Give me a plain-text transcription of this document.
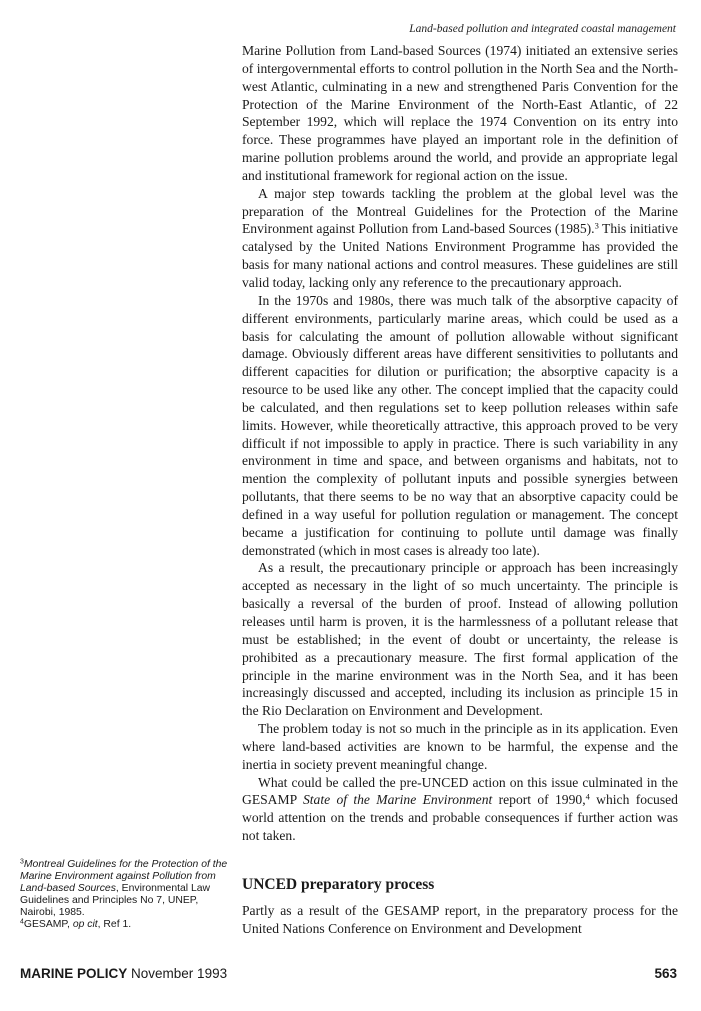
Land-based pollution and integrated coastal management

Marine Pollution from Land-based Sources (1974) initiated an extensive series of intergovernmental efforts to control pollution in the North Sea and the North-west Atlantic, culminating in a new and strengthened Paris Convention for the Protection of the Marine Environment of the North-East Atlantic, of 22 September 1992, which will replace the 1974 Convention on its entry into force. These programmes have played an important role in the definition of marine pollution problems around the world, and provide an appropriate legal and institutional framework for regional action on the issue.

A major step towards tackling the problem at the global level was the preparation of the Montreal Guidelines for the Protection of the Marine Environment against Pollution from Land-based Sources (1985).$^3$ This initiative catalysed by the United Nations Environment Programme has provided the basis for many national actions and control measures. These guidelines are still valid today, lacking only any reference to the precautionary approach.

In the 1970s and 1980s, there was much talk of the absorptive capacity of different environments, particularly marine areas, which could be used as a basis for calculating the amount of pollution allowable without significant damage. Obviously different areas have different sensitivities to pollutants and different capacities for dilution or purification; the absorptive capacity is a resource to be used like any other. The concept implied that the capacity could be calculated, and then regulations set to keep pollution releases within safe limits. However, while theoretically attractive, this approach proved to be very difficult if not impossible to apply in practice. There is such variability in any environment in time and space, and between organisms and habitats, not to mention the complexity of pollutant inputs and possible synergies between pollutants, that there seems to be no way that an absorptive capacity could be defined in a way useful for pollution regulation or management. The concept became a justification for continuing to pollute until damage was finally demonstrated (which in most cases is already too late).

As a result, the precautionary principle or approach has been increasingly accepted as necessary in the light of so much uncertainty. The principle is basically a reversal of the burden of proof. Instead of allowing pollution releases until harm is proven, it is the harmlessness of a pollutant release that must be established; in the event of doubt or uncertainty, the release is prohibited as a precautionary measure. The first formal application of the principle in the marine environment was in the North Sea, and it has been increasingly discussed and accepted, including its inclusion as principle 15 in the Rio Declaration on Environment and Development.

The problem today is not so much in the principle as in its application. Even where land-based activities are known to be harmful, the expense and the inertia in society prevent meaningful change.

What could be called the pre-UNCED action on this issue culminated in the GESAMP State of the Marine Environment report of 1990,$^4$ which focused world attention on the trends and probable consequences if further action was not taken.

UNCED preparatory process

Partly as a result of the GESAMP report, in the preparatory process for the United Nations Conference on Environment and Development

$^3$Montreal Guidelines for the Protection of the Marine Environment against Pollution from Land-based Sources, Environmental Law Guidelines and Principles No 7, UNEP, Nairobi, 1985.

$^4$GESAMP, op cit, Ref 1.

MARINE POLICY November 1993	563
